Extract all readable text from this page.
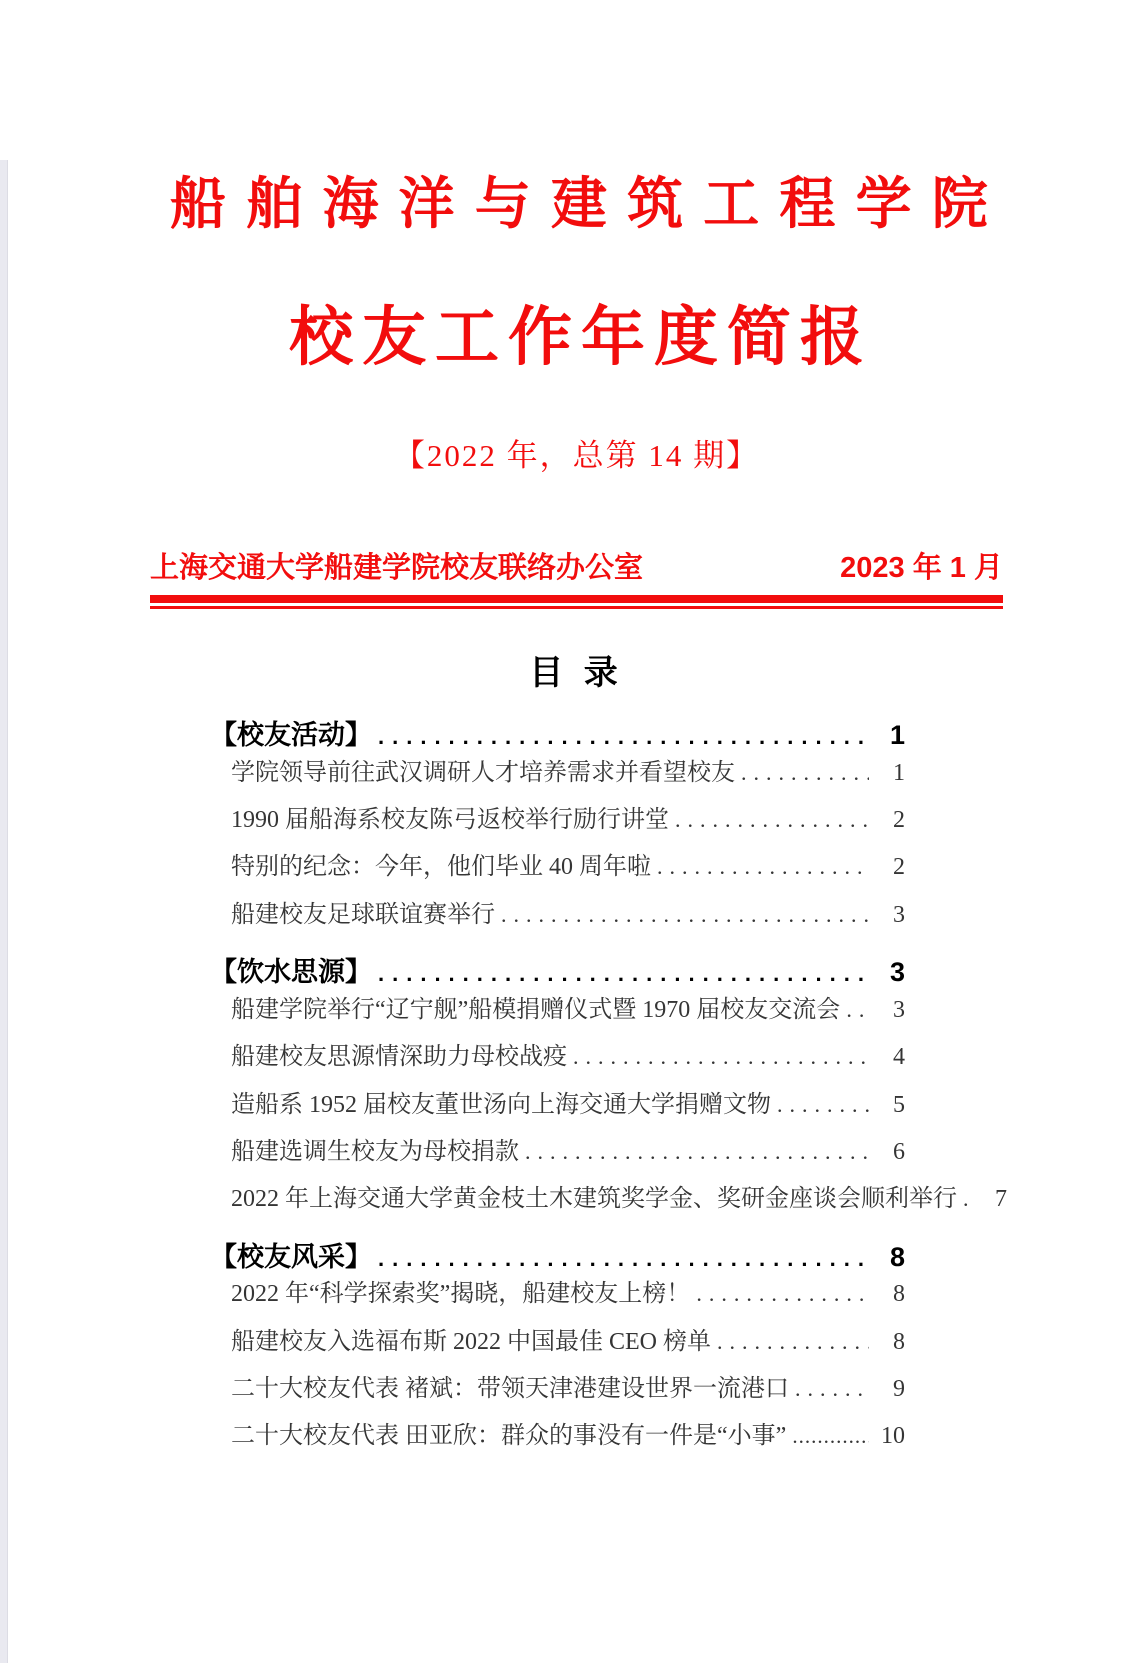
船舶海洋与建筑工程学院
校友工作年度简报
【2022 年，总第 14 期】
上海交通大学船建学院校友联络办公室	2023 年 1 月
目 录
【校友活动】 .....	1
学院领导前往武汉调研人才培养需求并看望校友 .....	1
1990 届船海系校友陈弓返校举行励行讲堂 .....	2
特别的纪念：今年，他们毕业 40 周年啦 .....	2
船建校友足球联谊赛举行 .....	3
【饮水思源】 .....	3
船建学院举行“辽宁舰”船模捐赠仪式暨 1970 届校友交流会 .....	3
船建校友思源情深助力母校战疫 .....	4
造船系 1952 届校友董世汤向上海交通大学捐赠文物 .....	5
船建选调生校友为母校捐款 .....	6
2022 年上海交通大学黄金枝土木建筑奖学金、奖研金座谈会顺利举行 .....	7
【校友风采】 .....	8
2022 年“科学探索奖”揭晓，船建校友上榜！ .....	8
船建校友入选福布斯 2022 中国最佳 CEO 榜单 .....	8
二十大校友代表 褚斌：带领天津港建设世界一流港口 .....	9
二十大校友代表 田亚欣：群众的事没有一件是“小事” .....	10
